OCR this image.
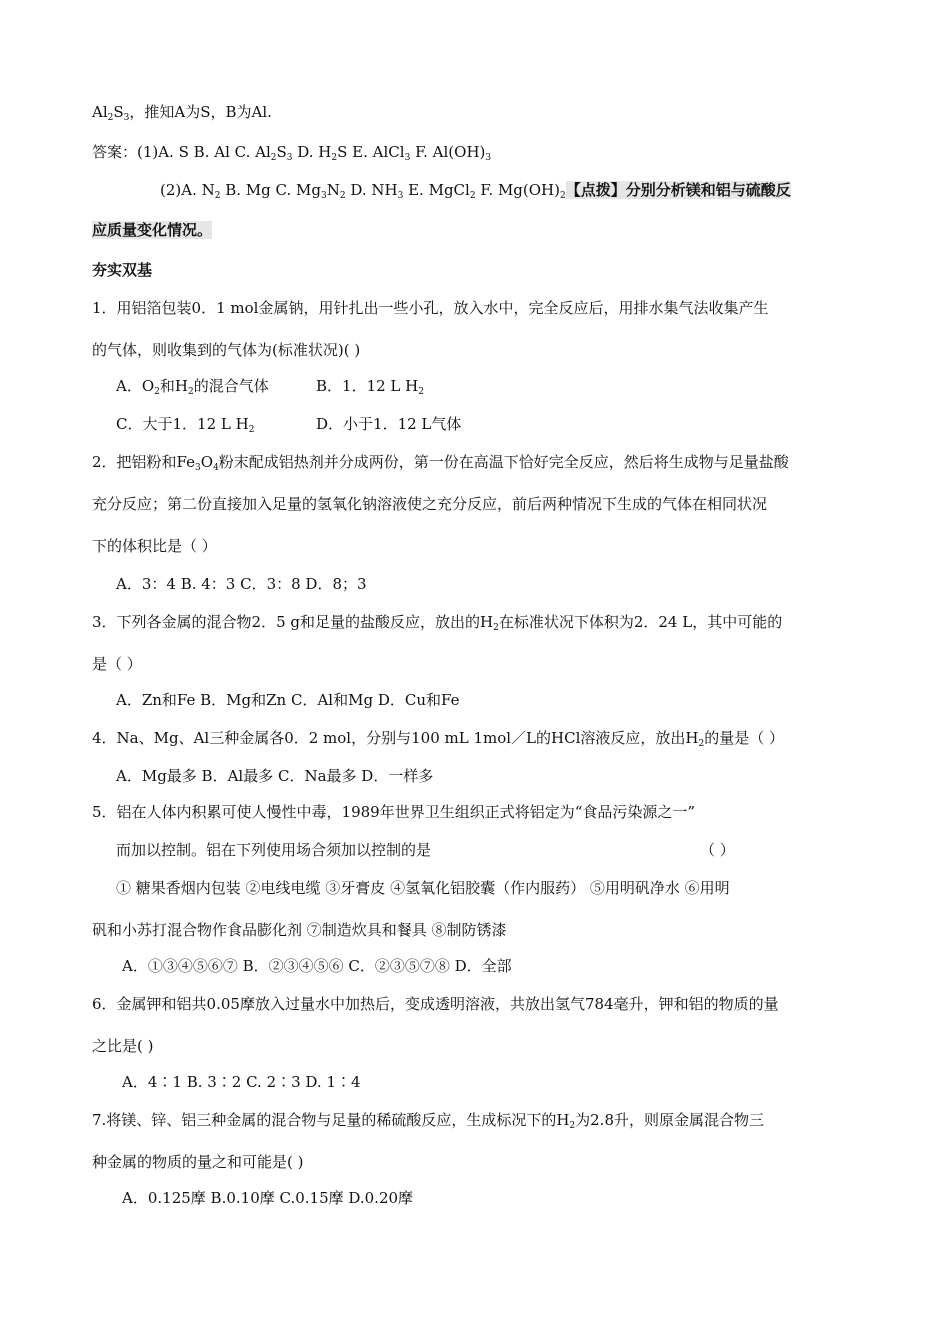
$Al_2S_3$，推知A为S，B为Al.
答案：(1)A. S B. Al C. $Al_2S_3$ D. $H_2S$ E. AlCl$_3$ F. $Al(OH)_3$
(2)A. $N_2$ B. Mg C. $Mg_3N_2$ D. $NH_3$ E. MgCl$_2$ F. $Mg(OH)_2$【点拨】分别分析镁和铝与硫酸反
应质量变化情况。
夯实双基
1．用铝箔包装0．1 mol金属钠，用针扎出一些小孔，放入水中，完全反应后，用排水集气法收集产生
的气体，则收集到的气体为(标准状况)( )
A．$O_2$和$H_2$的混合气体	B．1．12 L $H_2$
C．大于1．12 L $H_2$	D．小于1．12 L气体
2．把铝粉和$Fe_3O_4$粉末配成铝热剂并分成两份，第一份在高温下恰好完全反应，然后将生成物与足量盐酸
充分反应；第二份直接加入足量的氢氧化钠溶液使之充分反应，前后两种情况下生成的气体在相同状况
下的体积比是（ ）
A．3：4 B. 4：3 C．3：8 D．8；3
3．下列各金属的混合物2．5 g和足量的盐酸反应，放出的$H_2$在标准状况下体积为2．24 L，其中可能的
是（ ）
A．Zn和Fe B．Mg和Zn C．Al和Mg D．Cu和Fe
4．Na、Mg、Al三种金属各0．2 mol，分别与100 mL 1mol／L的HCl溶液反应，放出$H_2$的量是（ ）
A．Mg最多 B．Al最多 C．Na最多 D．一样多
5．铝在人体内积累可使人慢性中毒，1989年世界卫生组织正式将铝定为“食品污染源之一”
而加以控制。铝在下列使用场合须加以控制的是	（ ）
① 糖果香烟内包装 ②电线电缆 ③牙膏皮 ④氢氧化铝胶囊（作内服药） ⑤用明矾净水 ⑥用明
矾和小苏打混合物作食品膨化剂 ⑦制造炊具和餐具 ⑧制防锈漆
A．①③④⑤⑥⑦ B．②③④⑤⑥ C．②③⑤⑦⑧ D．全部
6．金属钾和铝共0.05摩放入过量水中加热后，变成透明溶液，共放出氢气784毫升，钾和铝的物质的量
之比是( )
A．4∶1 B. 3∶2 C. 2∶3 D. 1∶4
7.将镁、锌、铝三种金属的混合物与足量的稀硫酸反应，生成标况下的$H_2$为2.8升，则原金属混合物三
种金属的物质的量之和可能是( )
A．0.125摩 B.0.10摩 C.0.15摩 D.0.20摩
